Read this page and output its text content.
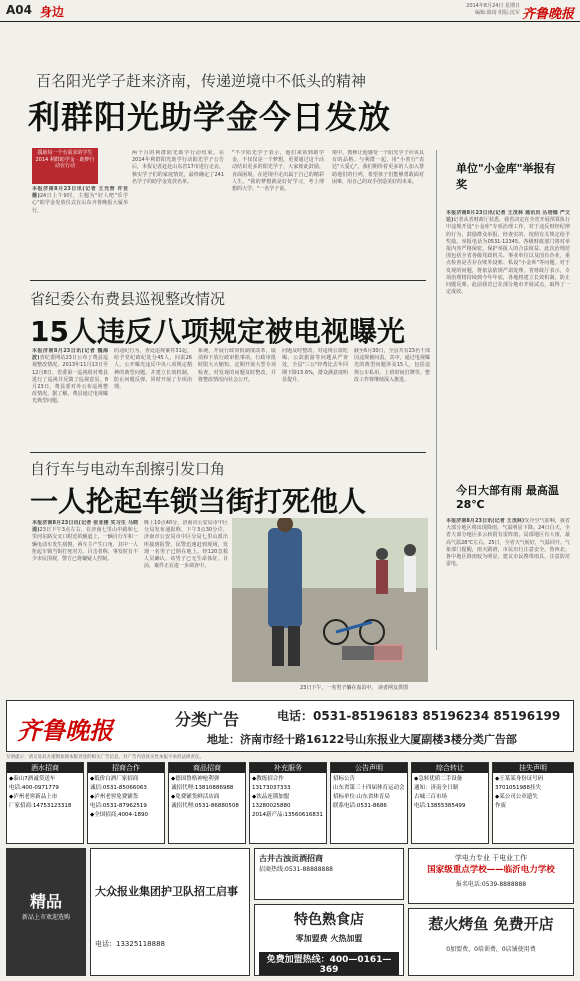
A04 身边	2014年8月24日 星期日
编辑:陈琦 组版:沈军 齐鲁晚报
百名阳光学子赶来济南，传递逆境中不低头的精神
利群阳光助学金今日发放
援助每一个有需求的学生 2014 利群助学金 · 助梦行动在行动
本报济南8月23日讯(记者 王光营 许亚薇)24日上午9时，主题为"好人吧"乐学心"助学金发放仪式在山东齐鲁晚报大厦举行。
两个月的利群阳光助学行动结束。在2014年利群阳光助学行动阳光学子公告后，本报记者赶赴山东省17市进行走访，核实学子们的家庭情况，最终确定了241名学子的助学金发放名单。
"不少阳光学子表示，他们来领到助学金，不仅仅是一个梦想，更要通过这个活动结识更多的阳光学子，大家彼此鼓励，直面困境，在逆境中走出属于自己的精彩人生。"我的梦想就是好好学习，考上理想的大学。"一名学子说。
境中，教师让他感受一个阳光学子应该具有的品格。与利群一起，用"小善行"表达"大爱心"，我们期待着更多的人加入帮助他们的行列，希望孩子们能够勇敢面对困难，用自己的双手创造美好的未来。
单位"小金库"举报有奖
本报济南8月23日讯(记者 王茂林 通讯员 丛培德 严文达)记者从省财政厅获悉，我省决定在全省开展预算执行中违规开设"小金库"专项治理工作，对于违反财经纪律的行为，鼓励群众举报，经查实的，按照有关规定给予奖励。举报电话为0531-12345。各级财政部门将对举报内容严格保密，保护举报人的合法权益。此次治理范围包括全省各级党政机关、事业单位以及国有企业，重点检查是否存在账外设账、私设"小金库"等问题。对于发现的问题，将依法依规严肃处理。省财政厅表示，专项治理将持续到今年年底，各地将建立长效机制，防止问题反弹。此前我省已在部分地市开展试点，取得了一定成效。
省纪委公布费县巡视整改情况
15人违反八项规定被电视曝光
本报济南8月23日讯(记者 魏海波)省纪委网站23日公布了费县巡视整改情况。2013年11月13日至12月8日，省委第一巡视组对费县进行了巡视并反馈了巡视意见。8月23日，费县委对外公布巡视整改情况。据了解，费县通过电视曝光典型问题。
的违纪行为，查处违规案件31起，给予党纪政纪处分45人，问责26人，公开曝光违反中央八项规定精神的典型问题，并建立长效机制，防止问题反弹。同时开展了专项治理。
系统，开展行政审批制度改革，取消和下放行政审批事项，行政审批时限大大缩短。定期开展大型专项检查，对发现的问题及时整改，并将整改情况向社会公开。
问题及时整改，对违规公款吃喝、公款旅游等问题从严查处，全县"三公"经费比去年同期下降15.6%，群众满意度明显提升。
截至6月30日，全县共有23名干部因违规被问责。其中，通过电视曝光的典型问题涉及15人，包括违规公车私用、上班时间打牌等。整改工作将继续深入推进。
自行车与电动车刮擦引发口角
一人抡起车锁当街打死他人
本报济南8月23日讯(记者 张亚楼 实习生 马晓通)23日下午3点左右，在济南七里山中路和七里河东路交叉口附近的辅道上，一辆自行车和一辆电动车发生刮擦，两车主产生口角，其中一人抡起车锁当街打死对方。目击者称，事发时有不少市民围观，警方已将嫌疑人控制。
晚上10点40分，济南市公安局市中区分局发布通报称，下午3点30分许，济南市公安局市中区分局七里山派出所接到报警，民警迅速赶到现场，发现一名男子已倒在地上。经120急救人员确认，该男子已无生命体征。目前，案件正在进一步调查中。
23日下午，一名男子躺在血泊中。 读者网友供图
今日大部有雨 最高温28℃
本报济南8月23日讯(记者 王茂林)受冷空气影响，我省大部分地区将出现降雨，气温明显下降。24日白天，全省大部分地区多云转阴有雷阵雨，局部地区有大雨，最高气温28℃左右。25日，全省天气转好，气温回升。气象部门提醒，雨天路滑，市民出行注意安全。鲁西北、鲁中地区降雨较为明显，建议市民携带雨具，注意防范雷电。
齐鲁晚报	分类广告	电话：0531-85196183 85196234 85196199
地址：济南市经十路16122号山东报业大厦副楼3楼分类广告部
友情提示：请交易双方谨慎参阅本版刊登的相关广告信息，对广告内容真实性本报不承担法律责任。
酒水招商
◆泰山7酒诚贷送车
电话:400-0971779
◆泸州老窖新品上市
厂家招商:14753123318
招商合作
◆低价白酒厂家招商
诚信:0531-85066063
◆泸州老窖免费铺货
电话:0531-87962519
◆全国招商,4004-1890
商品招商
◆德国鲁格神枪利弹
诚招代理:13810886988
◆免费铺货鲜活店面
诚招代理:0531-86880508
补充服务
◆教练招合作
13173037333
◆饮品连锁加盟
13280025880
2014新产品:13560616831
公告声明
招标公告
山东省第三十四届体育运动会
招标单位:山东省体育局
联系电话:0531-8686
综合转让
◆急转优质二手设备
通知：济南全日制
古城三百市场
电话:13855385499
挂失声明
◆王某某身份证号码
3701051988挂失
◆某公司公章遗失
作废
精品
新品上市欢迎选购
大众报业集团护卫队招工启事
电话：13325118888
古井古浊贡酒招商
招商热线:0531-88888888
特色熟食店
零加盟费 火热加盟
免费加盟热线：400—0161—369
学电力专业 干电业工作
国家级重点学校——临沂电力学校
报名电话:0539-8888888
惹火烤鱼 免费开店
0加盟费，0培训费，0店铺使用费
